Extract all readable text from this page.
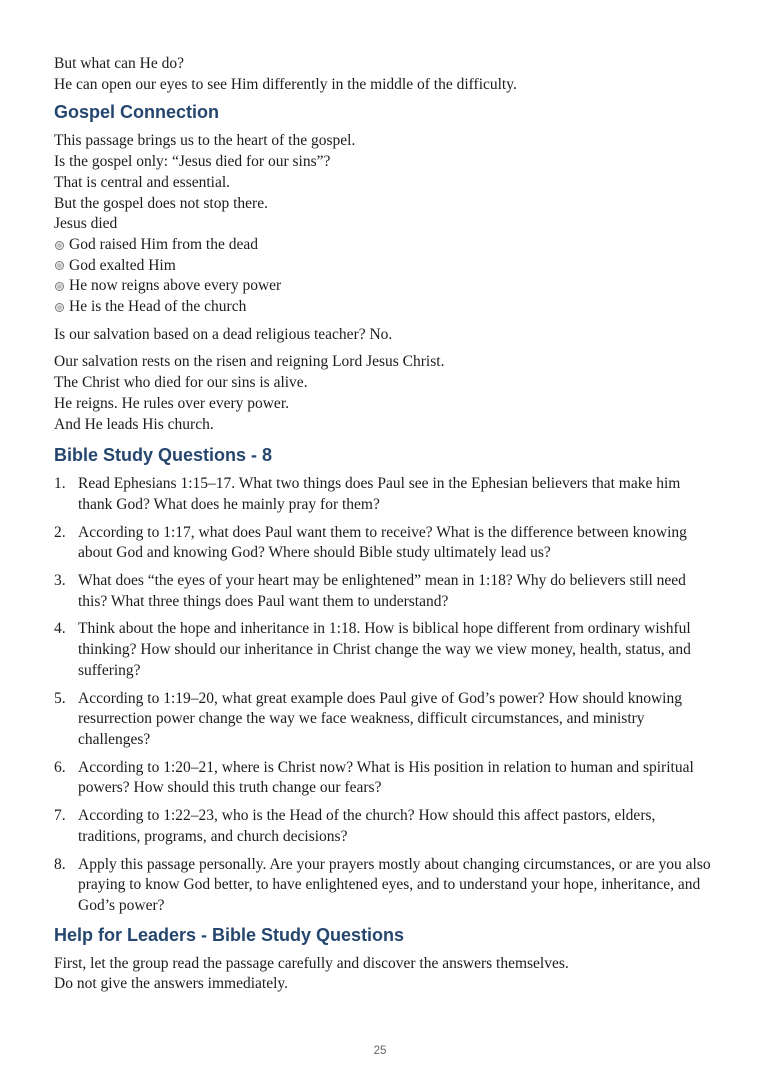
But what can He do?

He can open our eyes to see Him differently in the middle of the difficulty.

Gospel Connection

This passage brings us to the heart of the gospel.

Is the gospel only: “Jesus died for our sins”?

That is central and essential.

But the gospel does not stop there.

Jesus died

God raised Him from the dead
God exalted Him
He now reigns above every power
He is the Head of the church

Is our salvation based on a dead religious teacher? No.

Our salvation rests on the risen and reigning Lord Jesus Christ.

The Christ who died for our sins is alive.

He reigns. He rules over every power.

And He leads His church.

Bible Study Questions - 8
1. Read Ephesians 1:15–17. What two things does Paul see in the Ephesian believers that make him thank God? What does he mainly pray for them?
2. According to 1:17, what does Paul want them to receive? What is the difference between knowing about God and knowing God? Where should Bible study ultimately lead us?
3. What does “the eyes of your heart may be enlightened” mean in 1:18? Why do believers still need this? What three things does Paul want them to understand?
4. Think about the hope and inheritance in 1:18. How is biblical hope different from ordinary wishful thinking? How should our inheritance in Christ change the way we view money, health, status, and suffering?
5. According to 1:19–20, what great example does Paul give of God’s power? How should knowing resurrection power change the way we face weakness, difficult circumstances, and ministry challenges?
6. According to 1:20–21, where is Christ now? What is His position in relation to human and spiritual powers? How should this truth change our fears?
7. According to 1:22–23, who is the Head of the church? How should this affect pastors, elders, traditions, programs, and church decisions?
8. Apply this passage personally. Are your prayers mostly about changing circumstances, or are you also praying to know God better, to have enlightened eyes, and to understand your hope, inheritance, and God’s power?
Help for Leaders - Bible Study Questions

First, let the group read the passage carefully and discover the answers themselves.

Do not give the answers immediately.

25
